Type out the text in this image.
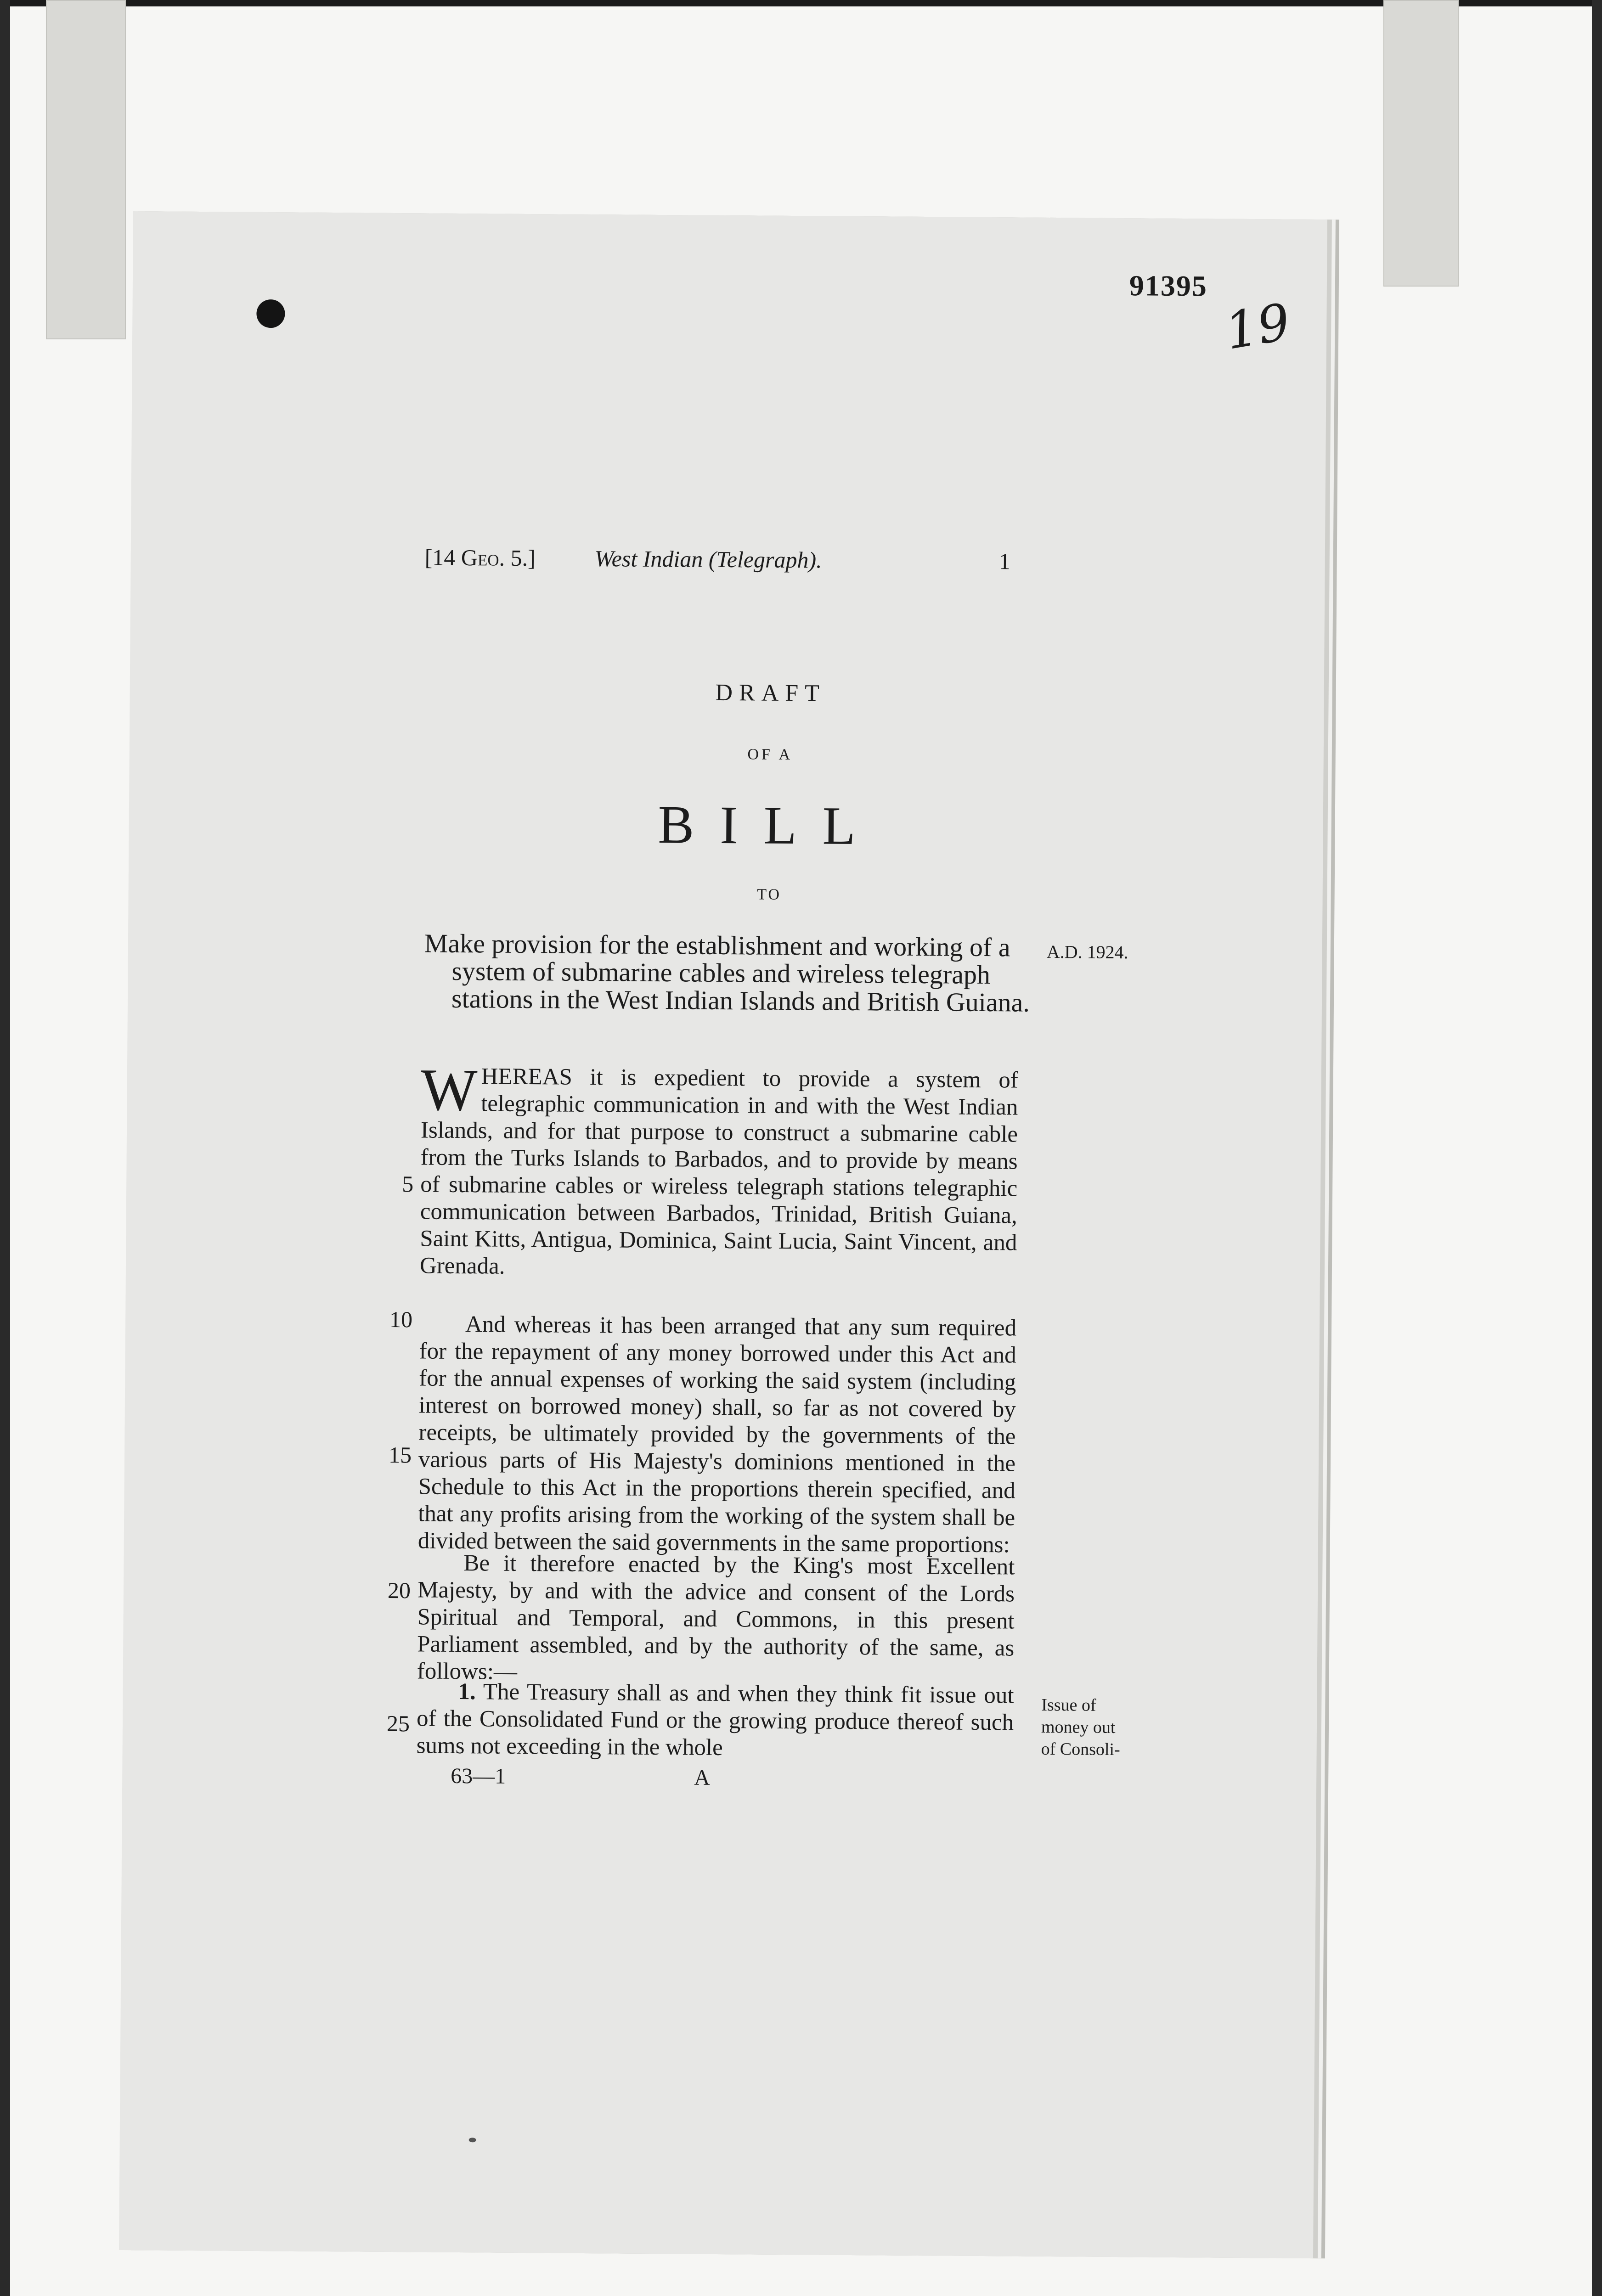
91395
19
[14 Geo. 5.]	West Indian (Telegraph).	1
DRAFT
OF A
BILL
TO
Make provision for the establishment and working of a system of submarine cables and wireless telegraph stations in the West Indian Islands and British Guiana.
A.D. 1924.
WHEREAS it is expedient to provide a system of telegraphic communication in and with the West Indian Islands, and for that purpose to construct a submarine cable from the Turks Islands to Barbados, and to provide by means of submarine cables or wireless telegraph stations telegraphic communication between Barbados, Trinidad, British Guiana, Saint Kitts, Antigua, Dominica, Saint Lucia, Saint Vincent, and Grenada.
And whereas it has been arranged that any sum required for the repayment of any money borrowed under this Act and for the annual expenses of working the said system (including interest on borrowed money) shall, so far as not covered by receipts, be ultimately provided by the governments of the various parts of His Majesty's dominions mentioned in the Schedule to this Act in the proportions therein specified, and that any profits arising from the working of the system shall be divided between the said governments in the same proportions:
Be it therefore enacted by the King's most Excellent Majesty, by and with the advice and consent of the Lords Spiritual and Temporal, and Commons, in this present Parliament assembled, and by the authority of the same, as follows:—
1. The Treasury shall as and when they think fit issue out of the Consolidated Fund or the growing produce thereof such sums not exceeding in the whole
5
10
15
20
25
Issue of money out of Consoli-
63—1	A
